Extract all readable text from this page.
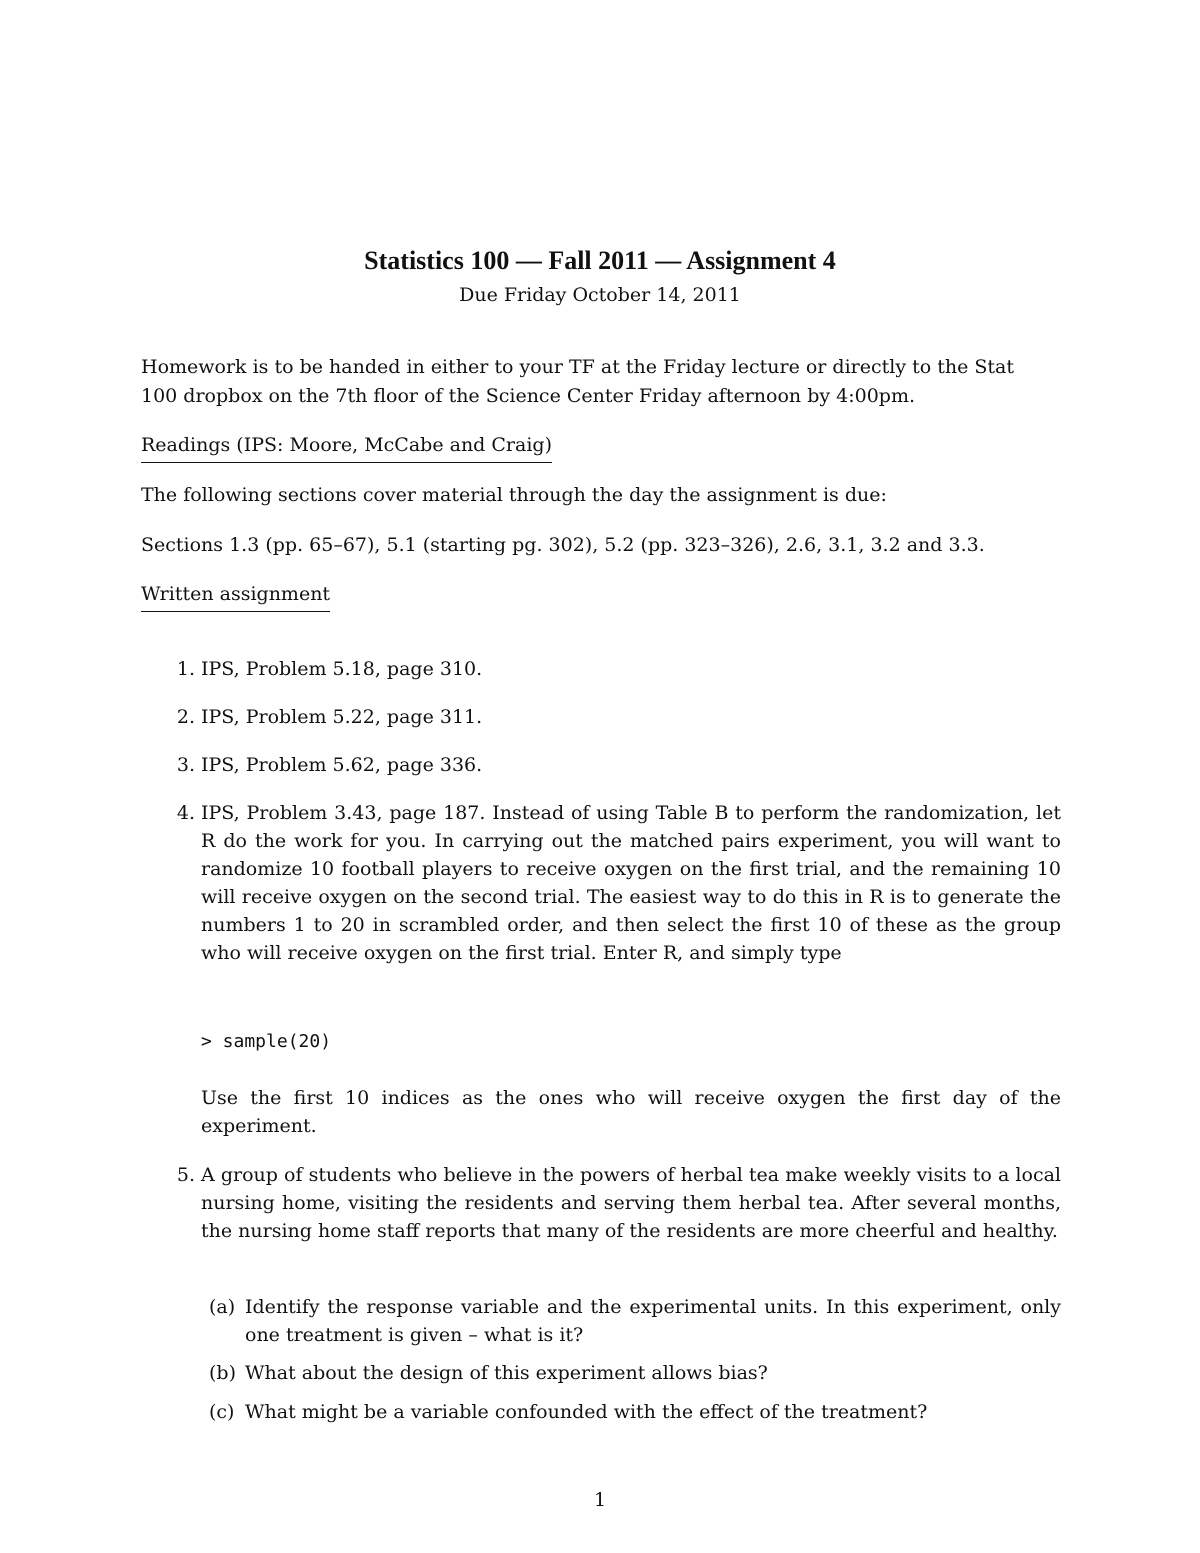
Statistics 100 — Fall 2011 — Assignment 4
Due Friday October 14, 2011
Homework is to be handed in either to your TF at the Friday lecture or directly to the Stat
100 dropbox on the 7th floor of the Science Center Friday afternoon by 4:00pm.
Readings (IPS: Moore, McCabe and Craig)
The following sections cover material through the day the assignment is due:
Sections 1.3 (pp. 65–67), 5.1 (starting pg. 302), 5.2 (pp. 323–326), 2.6, 3.1, 3.2 and 3.3.
Written assignment
1. IPS, Problem 5.18, page 310.
2. IPS, Problem 5.22, page 311.
3. IPS, Problem 5.62, page 336.
4. IPS, Problem 3.43, page 187. Instead of using Table B to perform the randomization, let R do the work for you. In carrying out the matched pairs experiment, you will want to randomize 10 football players to receive oxygen on the first trial, and the remaining 10 will receive oxygen on the second trial. The easiest way to do this in R is to generate the numbers 1 to 20 in scrambled order, and then select the first 10 of these as the group who will receive oxygen on the first trial. Enter R, and simply type
> sample(20)
Use the first 10 indices as the ones who will receive oxygen the first day of the experiment.
5. A group of students who believe in the powers of herbal tea make weekly visits to a local nursing home, visiting the residents and serving them herbal tea. After several months, the nursing home staff reports that many of the residents are more cheerful and healthy.
(a) Identify the response variable and the experimental units. In this experiment, only one treatment is given – what is it?
(b) What about the design of this experiment allows bias?
(c) What might be a variable confounded with the effect of the treatment?
1
